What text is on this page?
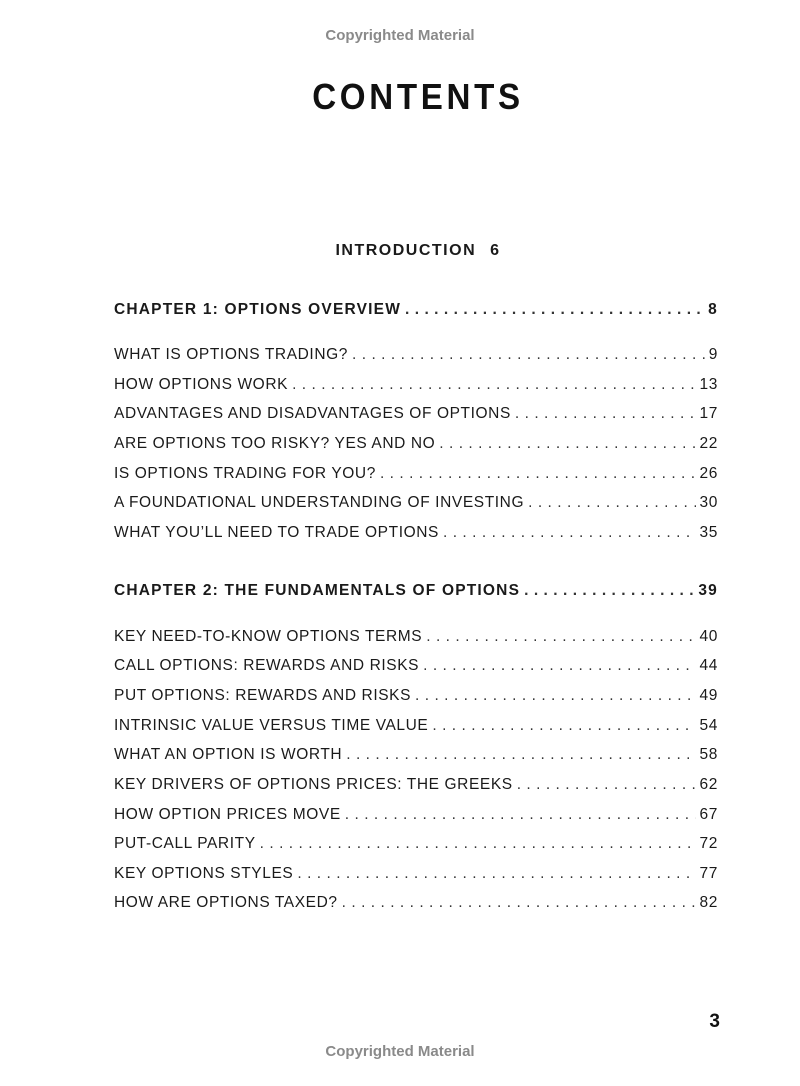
Copyrighted Material
CONTENTS
INTRODUCTION 6
CHAPTER 1: OPTIONS OVERVIEW . . .	8
WHAT IS OPTIONS TRADING? . . .	9
HOW OPTIONS WORK . . .	13
ADVANTAGES AND DISADVANTAGES OF OPTIONS . . .	17
ARE OPTIONS TOO RISKY? YES AND NO . . .	22
IS OPTIONS TRADING FOR YOU? . . .	26
A FOUNDATIONAL UNDERSTANDING OF INVESTING . . .	30
WHAT YOU’LL NEED TO TRADE OPTIONS . . .	35
CHAPTER 2: THE FUNDAMENTALS OF OPTIONS . . .	39
KEY NEED-TO-KNOW OPTIONS TERMS . . .	40
CALL OPTIONS: REWARDS AND RISKS . . .	44
PUT OPTIONS: REWARDS AND RISKS . . .	49
INTRINSIC VALUE VERSUS TIME VALUE . . .	54
WHAT AN OPTION IS WORTH . . .	58
KEY DRIVERS OF OPTIONS PRICES: THE GREEKS . . .	62
HOW OPTION PRICES MOVE . . .	67
PUT-CALL PARITY . . .	72
KEY OPTIONS STYLES . . .	77
HOW ARE OPTIONS TAXED? . . .	82
3
Copyrighted Material
